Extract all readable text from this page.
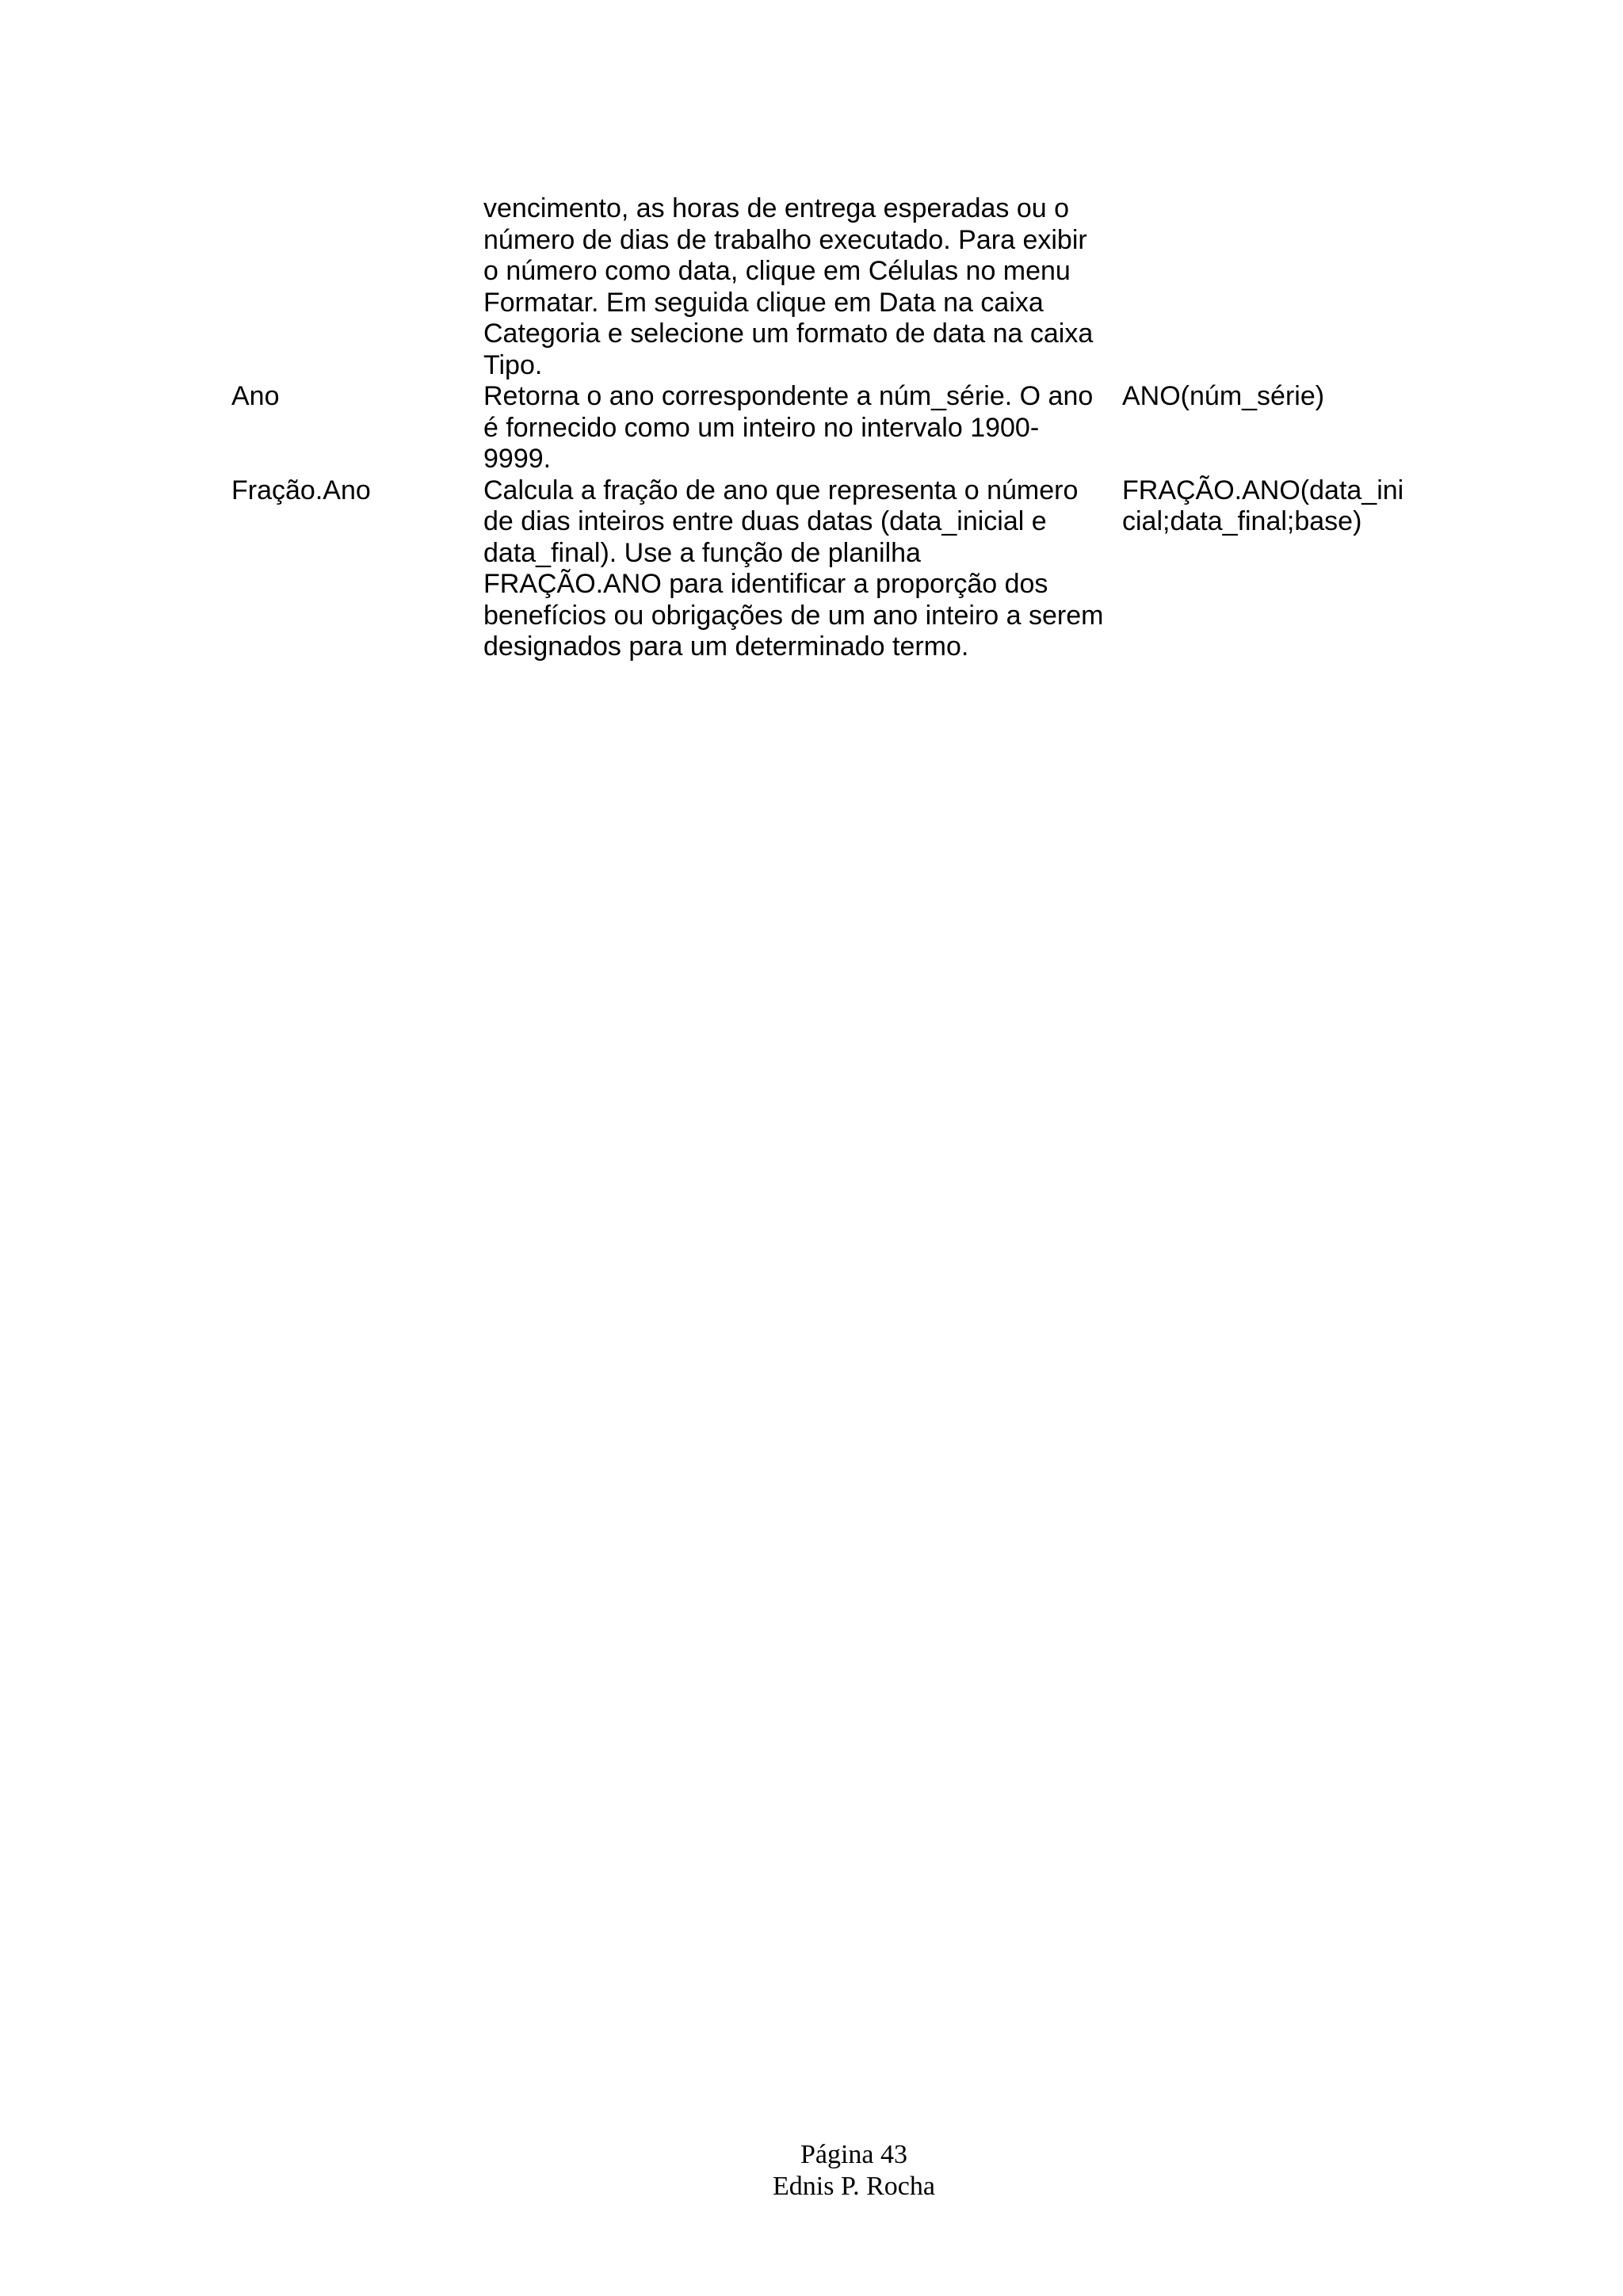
vencimento, as horas de entrega esperadas ou o
número de dias de trabalho executado. Para exibir
o número como data, clique em Células no menu
Formatar. Em seguida clique em Data na caixa
Categoria e selecione um formato de data na caixa
Tipo.
Ano	Retorna o ano correspondente a núm_série. O ano
é fornecido como um inteiro no intervalo 1900-
9999.
ANO(núm_série)
Fração.Ano	Calcula a fração de ano que representa o número
de dias inteiros entre duas datas (data_inicial e
data_final). Use a função de planilha
FRAÇÃO.ANO para identificar a proporção dos
benefícios ou obrigações de um ano inteiro a serem
designados para um determinado termo.
FRAÇÃO.ANO(data_ini
cial;data_final;base)
Página 43
Ednis P. Rocha
